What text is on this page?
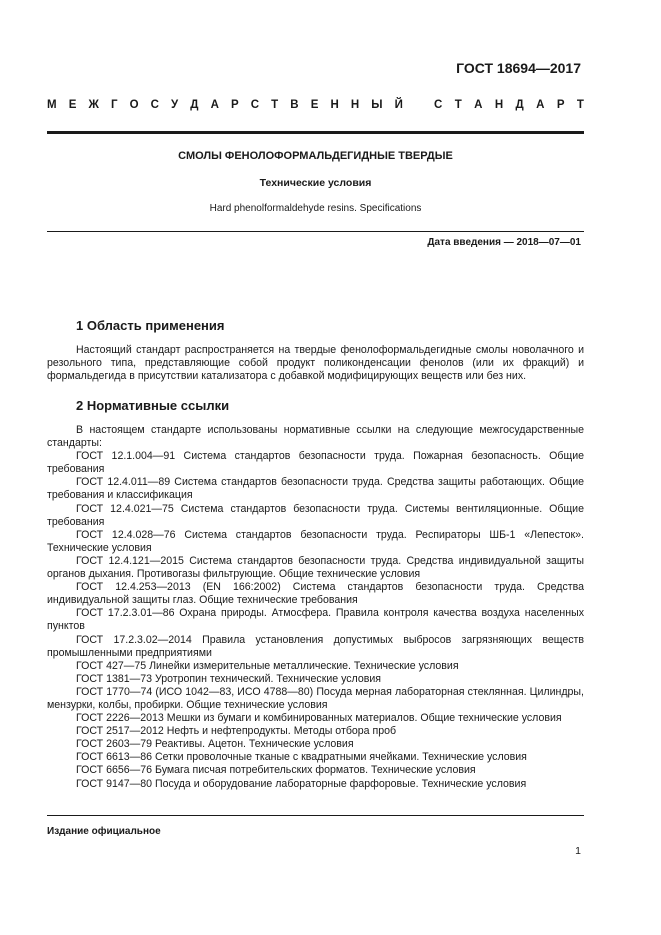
ГОСТ 18694—2017
М Е Ж Г О С У Д А Р С Т В Е Н Н Ы Й	С Т А Н Д А Р Т
СМОЛЫ ФЕНОЛОФОРМАЛЬДЕГИДНЫЕ ТВЕРДЫЕ
Технические условия
Hard phenolformaldehyde resins. Specifications
Дата введения — 2018—07—01
1 Область применения

Настоящий стандарт распространяется на твердые фенолоформальдегидные смолы новолачного и резольного типа, представляющие собой продукт поликонденсации фенолов (или их фракций) и формальдегида в присутствии катализатора с добавкой модифицирующих веществ или без них.

2 Нормативные ссылки

В настоящем стандарте использованы нормативные ссылки на следующие межгосударственные стандарты:

ГОСТ 12.1.004—91 Система стандартов безопасности труда. Пожарная безопасность. Общие требования
ГОСТ 12.4.011—89 Система стандартов безопасности труда. Средства защиты работающих. Общие требования и классификация
ГОСТ 12.4.021—75 Система стандартов безопасности труда. Системы вентиляционные. Общие требования
ГОСТ 12.4.028—76 Система стандартов безопасности труда. Респираторы ШБ-1 «Лепесток». Технические условия
ГОСТ 12.4.121—2015 Система стандартов безопасности труда. Средства индивидуальной защиты органов дыхания. Противогазы фильтрующие. Общие технические условия
ГОСТ 12.4.253—2013 (EN 166:2002) Система стандартов безопасности труда. Средства индивидуальной защиты глаз. Общие технические требования
ГОСТ 17.2.3.01—86 Охрана природы. Атмосфера. Правила контроля качества воздуха населенных пунктов
ГОСТ 17.2.3.02—2014 Правила установления допустимых выбросов загрязняющих веществ промышленными предприятиями
ГОСТ 427—75 Линейки измерительные металлические. Технические условия
ГОСТ 1381—73 Уротропин технический. Технические условия
ГОСТ 1770—74 (ИСО 1042—83, ИСО 4788—80) Посуда мерная лабораторная стеклянная. Цилиндры, мензурки, колбы, пробирки. Общие технические условия
ГОСТ 2226—2013 Мешки из бумаги и комбинированных материалов. Общие технические условия
ГОСТ 2517—2012 Нефть и нефтепродукты. Методы отбора проб
ГОСТ 2603—79 Реактивы. Ацетон. Технические условия
ГОСТ 6613—86 Сетки проволочные тканые с квадратными ячейками. Технические условия
ГОСТ 6656—76 Бумага писчая потребительских форматов. Технические условия
ГОСТ 9147—80 Посуда и оборудование лабораторные фарфоровые. Технические условия
Издание официальное
1
